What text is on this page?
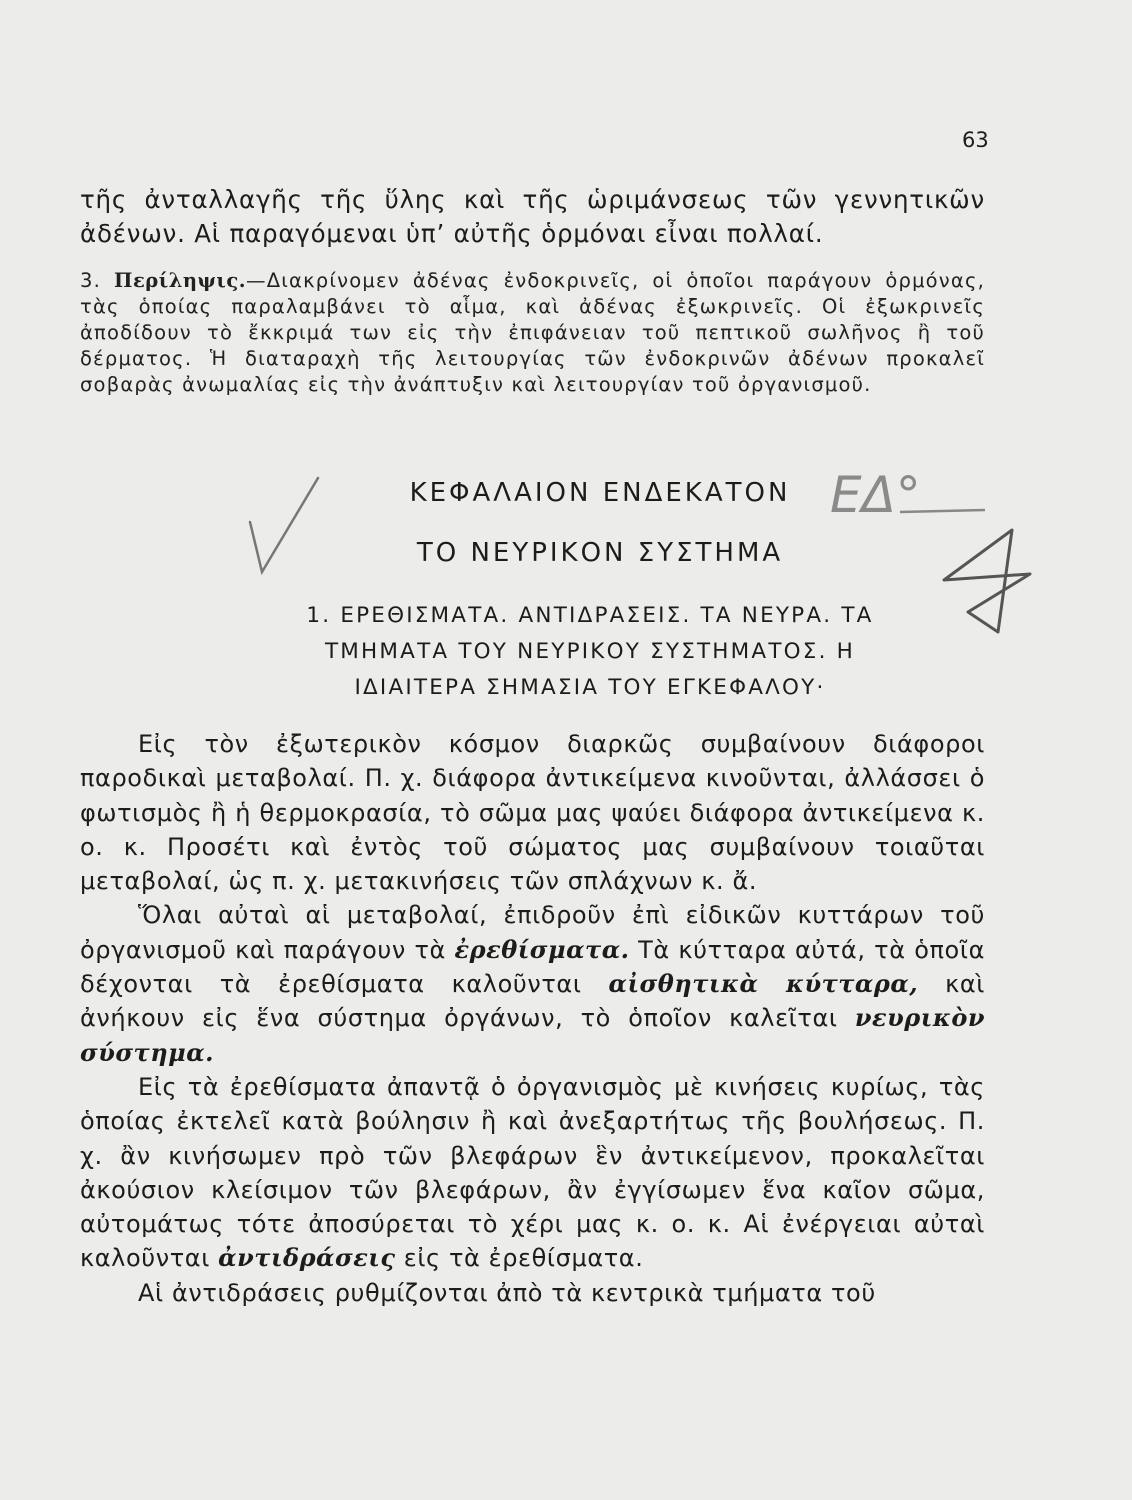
63

τῆς ἀνταλλαγῆς τῆς ὕλης καὶ τῆς ὡριμάνσεως τῶν γεννητικῶν ἀδένων. Αἱ παραγόμεναι ὑπ’ αὐτῆς ὁρμόναι εἶναι πολλαί.

3. Περίληψις.—Διακρίνομεν ἀδένας ἐνδοκρινεῖς, οἱ ὁποῖοι παράγουν ὁρμόνας, τὰς ὁποίας παραλαμβάνει τὸ αἷμα, καὶ ἀδένας ἐξωκρινεῖς. Οἱ ἐξωκρινεῖς ἀποδίδουν τὸ ἔκκριμά των εἰς τὴν ἐπιφάνειαν τοῦ πεπτικοῦ σωλῆνος ἢ τοῦ δέρματος. Ἡ διαταραχὴ τῆς λειτουργίας τῶν ἐνδοκρινῶν ἀδένων προκαλεῖ σοβαρὰς ἀνωμαλίας εἰς τὴν ἀνάπτυξιν καὶ λειτουργίαν τοῦ ὀργανισμοῦ.

ΚΕΦΑΛΑΙΟΝ ΕΝΔΕΚΑΤΟΝ
ΤΟ ΝΕΥΡΙΚΟΝ ΣΥΣΤΗΜΑ
1. ΕΡΕΘΙΣΜΑΤΑ. ΑΝΤΙΔΡΑΣΕΙΣ. ΤΑ ΝΕΥΡΑ. ΤΑ
ΤΜΗΜΑΤΑ ΤΟΥ ΝΕΥΡΙΚΟΥ ΣΥΣΤΗΜΑΤΟΣ. Η
ΙΔΙΑΙΤΕΡΑ ΣΗΜΑΣΙΑ ΤΟΥ ΕΓΚΕΦΑΛΟΥ·

Εἰς τὸν ἐξωτερικὸν κόσμον διαρκῶς συμβαίνουν διάφοροι παροδικαὶ μεταβολαί. Π. χ. διάφορα ἀντικείμενα κινοῦνται, ἀλλάσσει ὁ φωτισμὸς ἢ ἡ θερμοκρασία, τὸ σῶμα μας ψαύει διάφορα ἀντικείμενα κ. ο. κ. Προσέτι καὶ ἐντὸς τοῦ σώματος μας συμβαίνουν τοιαῦται μεταβολαί, ὡς π. χ. μετακινήσεις τῶν σπλάχνων κ. ἄ.

Ὅλαι αὐταὶ αἱ μεταβολαί, ἐπιδροῦν ἐπὶ εἰδικῶν κυττάρων τοῦ ὀργανισμοῦ καὶ παράγουν τὰ ἐρεθίσματα. Τὰ κύτταρα αὐτά, τὰ ὁποῖα δέχονται τὰ ἐρεθίσματα καλοῦνται αἰσθητικὰ κύτταρα, καὶ ἀνήκουν εἰς ἕνα σύστημα ὀργάνων, τὸ ὁποῖον καλεῖται νευρικὸν σύστημα.

Εἰς τὰ ἐρεθίσματα ἀπαντᾷ ὁ ὀργανισμὸς μὲ κινήσεις κυρίως, τὰς ὁποίας ἐκτελεῖ κατὰ βούλησιν ἢ καὶ ἀνεξαρτήτως τῆς βουλήσεως. Π. χ. ἂν κινήσωμεν πρὸ τῶν βλεφάρων ἓν ἀντικείμενον, προκαλεῖται ἀκούσιον κλείσιμον τῶν βλεφάρων, ἂν ἐγγίσωμεν ἕνα καῖον σῶμα, αὐτομάτως τότε ἀποσύρεται τὸ χέρι μας κ. ο. κ. Αἱ ἐνέργειαι αὐταὶ καλοῦνται ἀντιδράσεις εἰς τὰ ἐρεθίσματα.

Αἱ ἀντιδράσεις ρυθμίζονται ἀπὸ τὰ κεντρικὰ τμήματα τοῦ

ΕΔ°
